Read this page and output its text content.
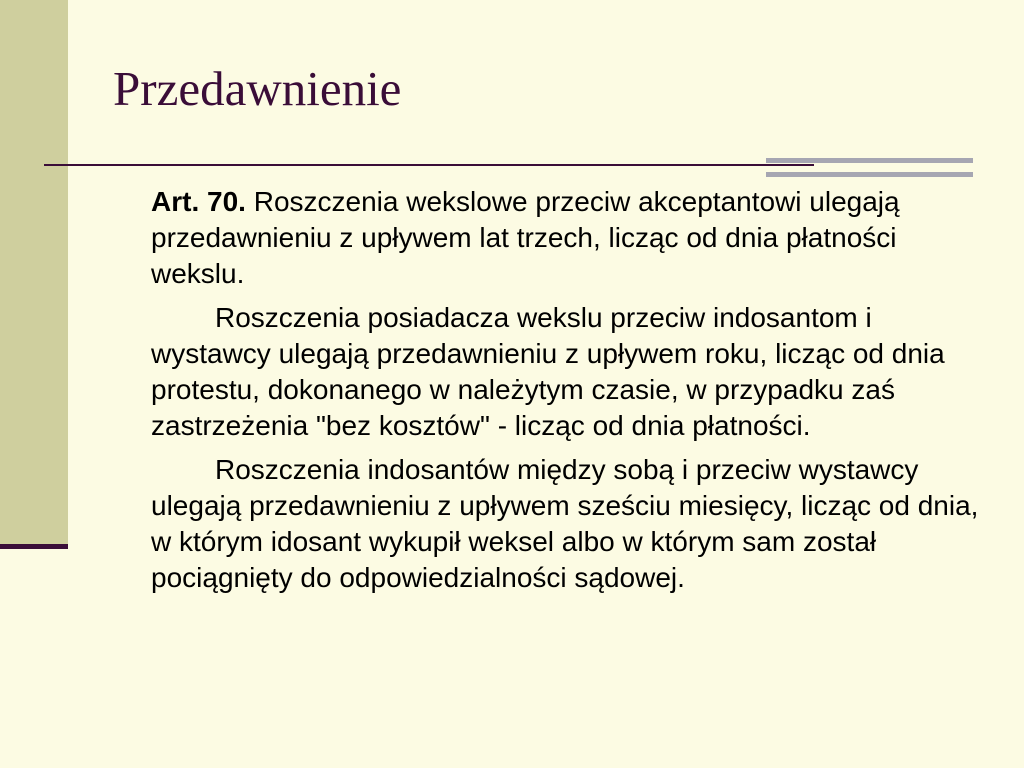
Przedawnienie

Art. 70. Roszczenia wekslowe przeciw akceptantowi ulegają przedawnieniu z upływem lat trzech, licząc od dnia płatności wekslu.

Roszczenia posiadacza wekslu przeciw indosantom i wystawcy ulegają przedawnieniu z upływem roku, licząc od dnia protestu, dokonanego w należytym czasie, w przypadku zaś zastrzeżenia "bez kosztów" - licząc od dnia płatności.

Roszczenia indosantów między sobą i przeciw wystawcy ulegają przedawnieniu z upływem sześciu miesięcy, licząc od dnia, w którym idosant wykupił weksel albo w którym sam został pociągnięty do odpowiedzialności sądowej.
